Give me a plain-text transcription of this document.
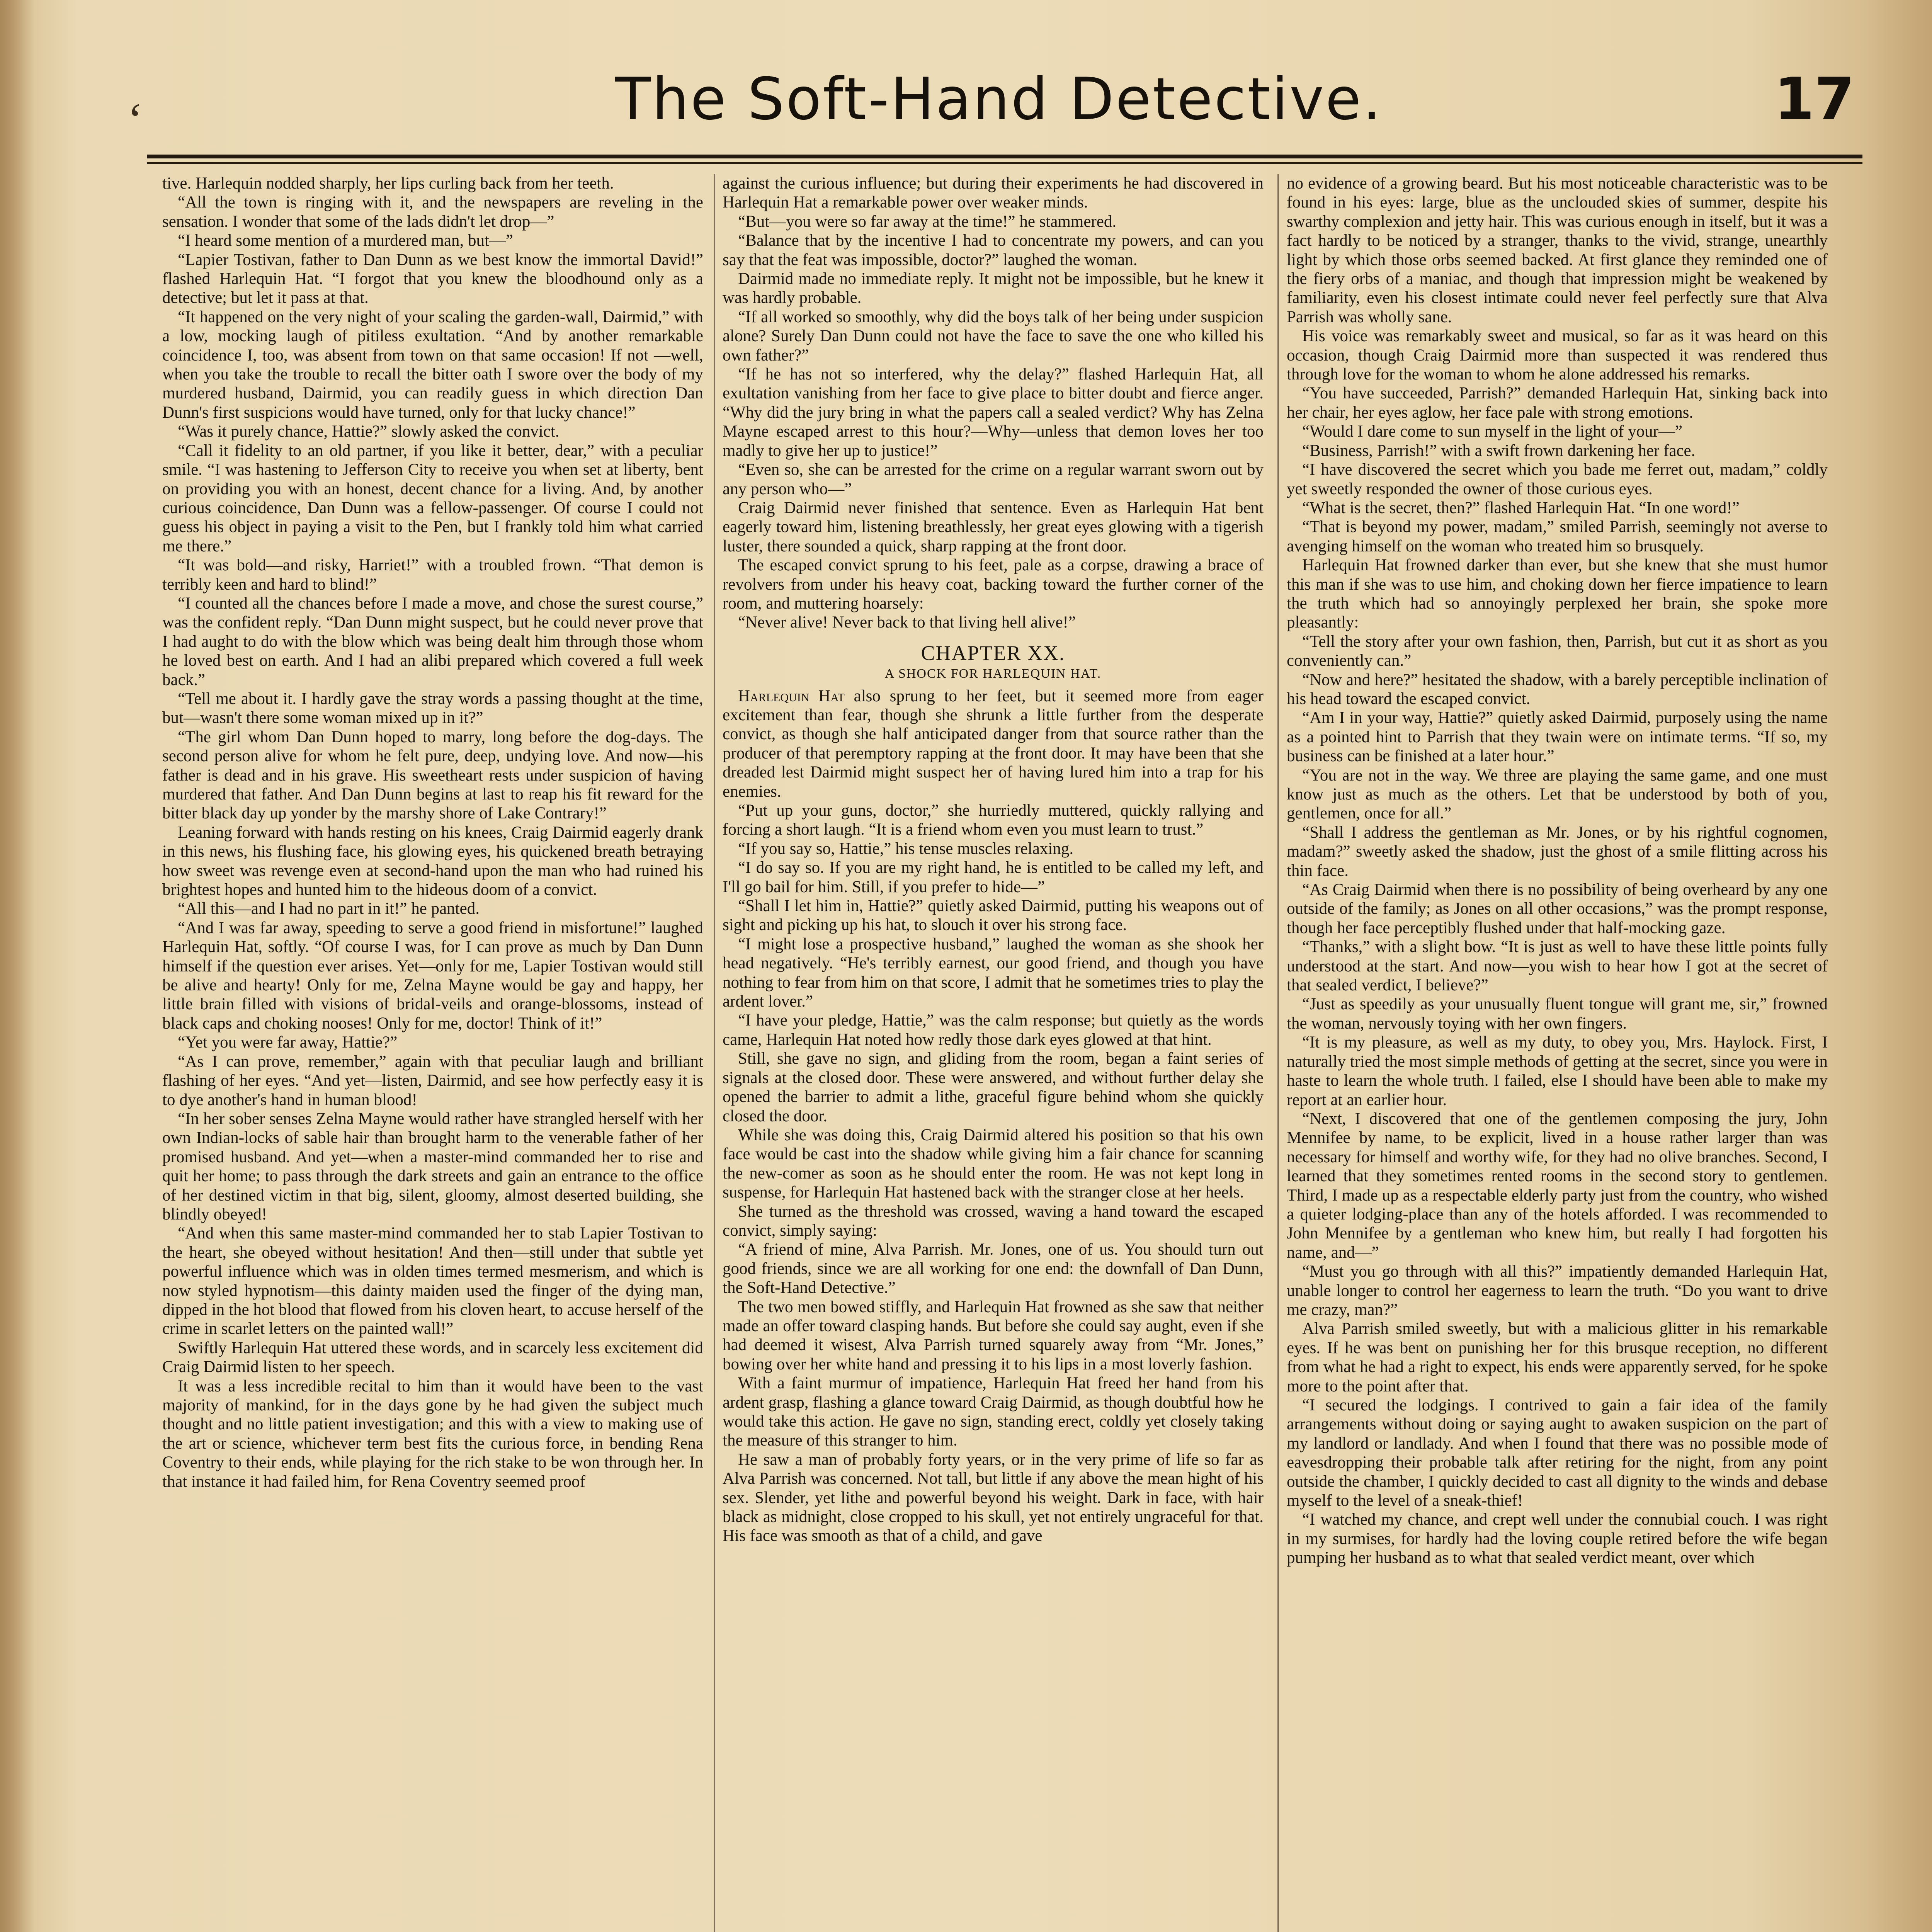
‘	The Soft-Hand Detective.	17

tive. Harlequin nodded sharply, her lips curling back from her teeth.

“All the town is ringing with it, and the newspapers are reveling in the sensation. I wonder that some of the lads didn't let drop—”

“I heard some mention of a murdered man, but—”

“Lapier Tostivan, father to Dan Dunn as we best know the immortal David!” flashed Harlequin Hat. “I forgot that you knew the bloodhound only as a detective; but let it pass at that.

“It happened on the very night of your scaling the garden-wall, Dairmid,” with a low, mocking laugh of pitiless exultation. “And by another remarkable coincidence I, too, was absent from town on that same occasion! If not —well, when you take the trouble to recall the bitter oath I swore over the body of my murdered husband, Dairmid, you can readily guess in which direction Dan Dunn's first suspicions would have turned, only for that lucky chance!”

“Was it purely chance, Hattie?” slowly asked the convict.

“Call it fidelity to an old partner, if you like it better, dear,” with a peculiar smile. “I was hastening to Jefferson City to receive you when set at liberty, bent on providing you with an honest, decent chance for a living. And, by another curious coincidence, Dan Dunn was a fellow-passenger. Of course I could not guess his object in paying a visit to the Pen, but I frankly told him what carried me there.”

“It was bold—and risky, Harriet!” with a troubled frown. “That demon is terribly keen and hard to blind!”

“I counted all the chances before I made a move, and chose the surest course,” was the confident reply. “Dan Dunn might suspect, but he could never prove that I had aught to do with the blow which was being dealt him through those whom he loved best on earth. And I had an alibi prepared which covered a full week back.”

“Tell me about it. I hardly gave the stray words a passing thought at the time, but—wasn't there some woman mixed up in it?”

“The girl whom Dan Dunn hoped to marry, long before the dog-days. The second person alive for whom he felt pure, deep, undying love. And now—his father is dead and in his grave. His sweetheart rests under suspicion of having murdered that father. And Dan Dunn begins at last to reap his fit reward for the bitter black day up yonder by the marshy shore of Lake Contrary!”

Leaning forward with hands resting on his knees, Craig Dairmid eagerly drank in this news, his flushing face, his glowing eyes, his quickened breath betraying how sweet was revenge even at second-hand upon the man who had ruined his brightest hopes and hunted him to the hideous doom of a convict.

“All this—and I had no part in it!” he panted.

“And I was far away, speeding to serve a good friend in misfortune!” laughed Harlequin Hat, softly. “Of course I was, for I can prove as much by Dan Dunn himself if the question ever arises. Yet—only for me, Lapier Tostivan would still be alive and hearty! Only for me, Zelna Mayne would be gay and happy, her little brain filled with visions of bridal-veils and orange-blossoms, instead of black caps and choking nooses! Only for me, doctor! Think of it!”

“Yet you were far away, Hattie?”

“As I can prove, remember,” again with that peculiar laugh and brilliant flashing of her eyes. “And yet—listen, Dairmid, and see how perfectly easy it is to dye another's hand in human blood!

“In her sober senses Zelna Mayne would rather have strangled herself with her own Indian-locks of sable hair than brought harm to the venerable father of her promised husband. And yet—when a master-mind commanded her to rise and quit her home; to pass through the dark streets and gain an entrance to the office of her destined victim in that big, silent, gloomy, almost deserted building, she blindly obeyed!

“And when this same master-mind commanded her to stab Lapier Tostivan to the heart, she obeyed without hesitation! And then—still under that subtle yet powerful influence which was in olden times termed mesmerism, and which is now styled hypnotism—this dainty maiden used the finger of the dying man, dipped in the hot blood that flowed from his cloven heart, to accuse herself of the crime in scarlet letters on the painted wall!”

Swiftly Harlequin Hat uttered these words, and in scarcely less excitement did Craig Dairmid listen to her speech.

It was a less incredible recital to him than it would have been to the vast majority of mankind, for in the days gone by he had given the subject much thought and no little patient investigation; and this with a view to making use of the art or science, whichever term best fits the curious force, in bending Rena Coventry to their ends, while playing for the rich stake to be won through her. In that instance it had failed him, for Rena Coventry seemed proof

against the curious influence; but during their experiments he had discovered in Harlequin Hat a remarkable power over weaker minds.

“But—you were so far away at the time!” he stammered.

“Balance that by the incentive I had to concentrate my powers, and can you say that the feat was impossible, doctor?” laughed the woman.

Dairmid made no immediate reply. It might not be impossible, but he knew it was hardly probable.

“If all worked so smoothly, why did the boys talk of her being under suspicion alone? Surely Dan Dunn could not have the face to save the one who killed his own father?”

“If he has not so interfered, why the delay?” flashed Harlequin Hat, all exultation vanishing from her face to give place to bitter doubt and fierce anger. “Why did the jury bring in what the papers call a sealed verdict? Why has Zelna Mayne escaped arrest to this hour?—Why—unless that demon loves her too madly to give her up to justice!”

“Even so, she can be arrested for the crime on a regular warrant sworn out by any person who—”

Craig Dairmid never finished that sentence. Even as Harlequin Hat bent eagerly toward him, listening breathlessly, her great eyes glowing with a tigerish luster, there sounded a quick, sharp rapping at the front door.

The escaped convict sprung to his feet, pale as a corpse, drawing a brace of revolvers from under his heavy coat, backing toward the further corner of the room, and muttering hoarsely:

“Never alive! Never back to that living hell alive!”

CHAPTER XX.
A SHOCK FOR HARLEQUIN HAT.

Harlequin Hat also sprung to her feet, but it seemed more from eager excitement than fear, though she shrunk a little further from the desperate convict, as though she half anticipated danger from that source rather than the producer of that peremptory rapping at the front door. It may have been that she dreaded lest Dairmid might suspect her of having lured him into a trap for his enemies.

“Put up your guns, doctor,” she hurriedly muttered, quickly rallying and forcing a short laugh. “It is a friend whom even you must learn to trust.”

“If you say so, Hattie,” his tense muscles relaxing.

“I do say so. If you are my right hand, he is entitled to be called my left, and I'll go bail for him. Still, if you prefer to hide—”

“Shall I let him in, Hattie?” quietly asked Dairmid, putting his weapons out of sight and picking up his hat, to slouch it over his strong face.

“I might lose a prospective husband,” laughed the woman as she shook her head negatively. “He's terribly earnest, our good friend, and though you have nothing to fear from him on that score, I admit that he sometimes tries to play the ardent lover.”

“I have your pledge, Hattie,” was the calm response; but quietly as the words came, Harlequin Hat noted how redly those dark eyes glowed at that hint.

Still, she gave no sign, and gliding from the room, began a faint series of signals at the closed door. These were answered, and without further delay she opened the barrier to admit a lithe, graceful figure behind whom she quickly closed the door.

While she was doing this, Craig Dairmid altered his position so that his own face would be cast into the shadow while giving him a fair chance for scanning the new-comer as soon as he should enter the room. He was not kept long in suspense, for Harlequin Hat hastened back with the stranger close at her heels.

She turned as the threshold was crossed, waving a hand toward the escaped convict, simply saying:

“A friend of mine, Alva Parrish. Mr. Jones, one of us. You should turn out good friends, since we are all working for one end: the downfall of Dan Dunn, the Soft-Hand Detective.”

The two men bowed stiffly, and Harlequin Hat frowned as she saw that neither made an offer toward clasping hands. But before she could say aught, even if she had deemed it wisest, Alva Parrish turned squarely away from “Mr. Jones,” bowing over her white hand and pressing it to his lips in a most loverly fashion.

With a faint murmur of impatience, Harlequin Hat freed her hand from his ardent grasp, flashing a glance toward Craig Dairmid, as though doubtful how he would take this action. He gave no sign, standing erect, coldly yet closely taking the measure of this stranger to him.

He saw a man of probably forty years, or in the very prime of life so far as Alva Parrish was concerned. Not tall, but little if any above the mean hight of his sex. Slender, yet lithe and powerful beyond his weight. Dark in face, with hair black as midnight, close cropped to his skull, yet not entirely ungraceful for that. His face was smooth as that of a child, and gave

no evidence of a growing beard. But his most noticeable characteristic was to be found in his eyes: large, blue as the unclouded skies of summer, despite his swarthy complexion and jetty hair. This was curious enough in itself, but it was a fact hardly to be noticed by a stranger, thanks to the vivid, strange, unearthly light by which those orbs seemed backed. At first glance they reminded one of the fiery orbs of a maniac, and though that impression might be weakened by familiarity, even his closest intimate could never feel perfectly sure that Alva Parrish was wholly sane.

His voice was remarkably sweet and musical, so far as it was heard on this occasion, though Craig Dairmid more than suspected it was rendered thus through love for the woman to whom he alone addressed his remarks.

“You have succeeded, Parrish?” demanded Harlequin Hat, sinking back into her chair, her eyes aglow, her face pale with strong emotions.

“Would I dare come to sun myself in the light of your—”

“Business, Parrish!” with a swift frown darkening her face.

“I have discovered the secret which you bade me ferret out, madam,” coldly yet sweetly responded the owner of those curious eyes.

“What is the secret, then?” flashed Harlequin Hat. “In one word!”

“That is beyond my power, madam,” smiled Parrish, seemingly not averse to avenging himself on the woman who treated him so brusquely.

Harlequin Hat frowned darker than ever, but she knew that she must humor this man if she was to use him, and choking down her fierce impatience to learn the truth which had so annoyingly perplexed her brain, she spoke more pleasantly:

“Tell the story after your own fashion, then, Parrish, but cut it as short as you conveniently can.”

“Now and here?” hesitated the shadow, with a barely perceptible inclination of his head toward the escaped convict.

“Am I in your way, Hattie?” quietly asked Dairmid, purposely using the name as a pointed hint to Parrish that they twain were on intimate terms. “If so, my business can be finished at a later hour.”

“You are not in the way. We three are playing the same game, and one must know just as much as the others. Let that be understood by both of you, gentlemen, once for all.”

“Shall I address the gentleman as Mr. Jones, or by his rightful cognomen, madam?” sweetly asked the shadow, just the ghost of a smile flitting across his thin face.

“As Craig Dairmid when there is no possibility of being overheard by any one outside of the family; as Jones on all other occasions,” was the prompt response, though her face perceptibly flushed under that half-mocking gaze.

“Thanks,” with a slight bow. “It is just as well to have these little points fully understood at the start. And now—you wish to hear how I got at the secret of that sealed verdict, I believe?”

“Just as speedily as your unusually fluent tongue will grant me, sir,” frowned the woman, nervously toying with her own fingers.

“It is my pleasure, as well as my duty, to obey you, Mrs. Haylock. First, I naturally tried the most simple methods of getting at the secret, since you were in haste to learn the whole truth. I failed, else I should have been able to make my report at an earlier hour.

“Next, I discovered that one of the gentlemen composing the jury, John Mennifee by name, to be explicit, lived in a house rather larger than was necessary for himself and worthy wife, for they had no olive branches. Second, I learned that they sometimes rented rooms in the second story to gentlemen. Third, I made up as a respectable elderly party just from the country, who wished a quieter lodging-place than any of the hotels afforded. I was recommended to John Mennifee by a gentleman who knew him, but really I had forgotten his name, and—”

“Must you go through with all this?” impatiently demanded Harlequin Hat, unable longer to control her eagerness to learn the truth. “Do you want to drive me crazy, man?”

Alva Parrish smiled sweetly, but with a malicious glitter in his remarkable eyes. If he was bent on punishing her for this brusque reception, no different from what he had a right to expect, his ends were apparently served, for he spoke more to the point after that.

“I secured the lodgings. I contrived to gain a fair idea of the family arrangements without doing or saying aught to awaken suspicion on the part of my landlord or landlady. And when I found that there was no possible mode of eavesdropping their probable talk after retiring for the night, from any point outside the chamber, I quickly decided to cast all dignity to the winds and debase myself to the level of a sneak-thief!

“I watched my chance, and crept well under the connubial couch. I was right in my surmises, for hardly had the loving couple retired before the wife began pumping her husband as to what that sealed verdict meant, over which
